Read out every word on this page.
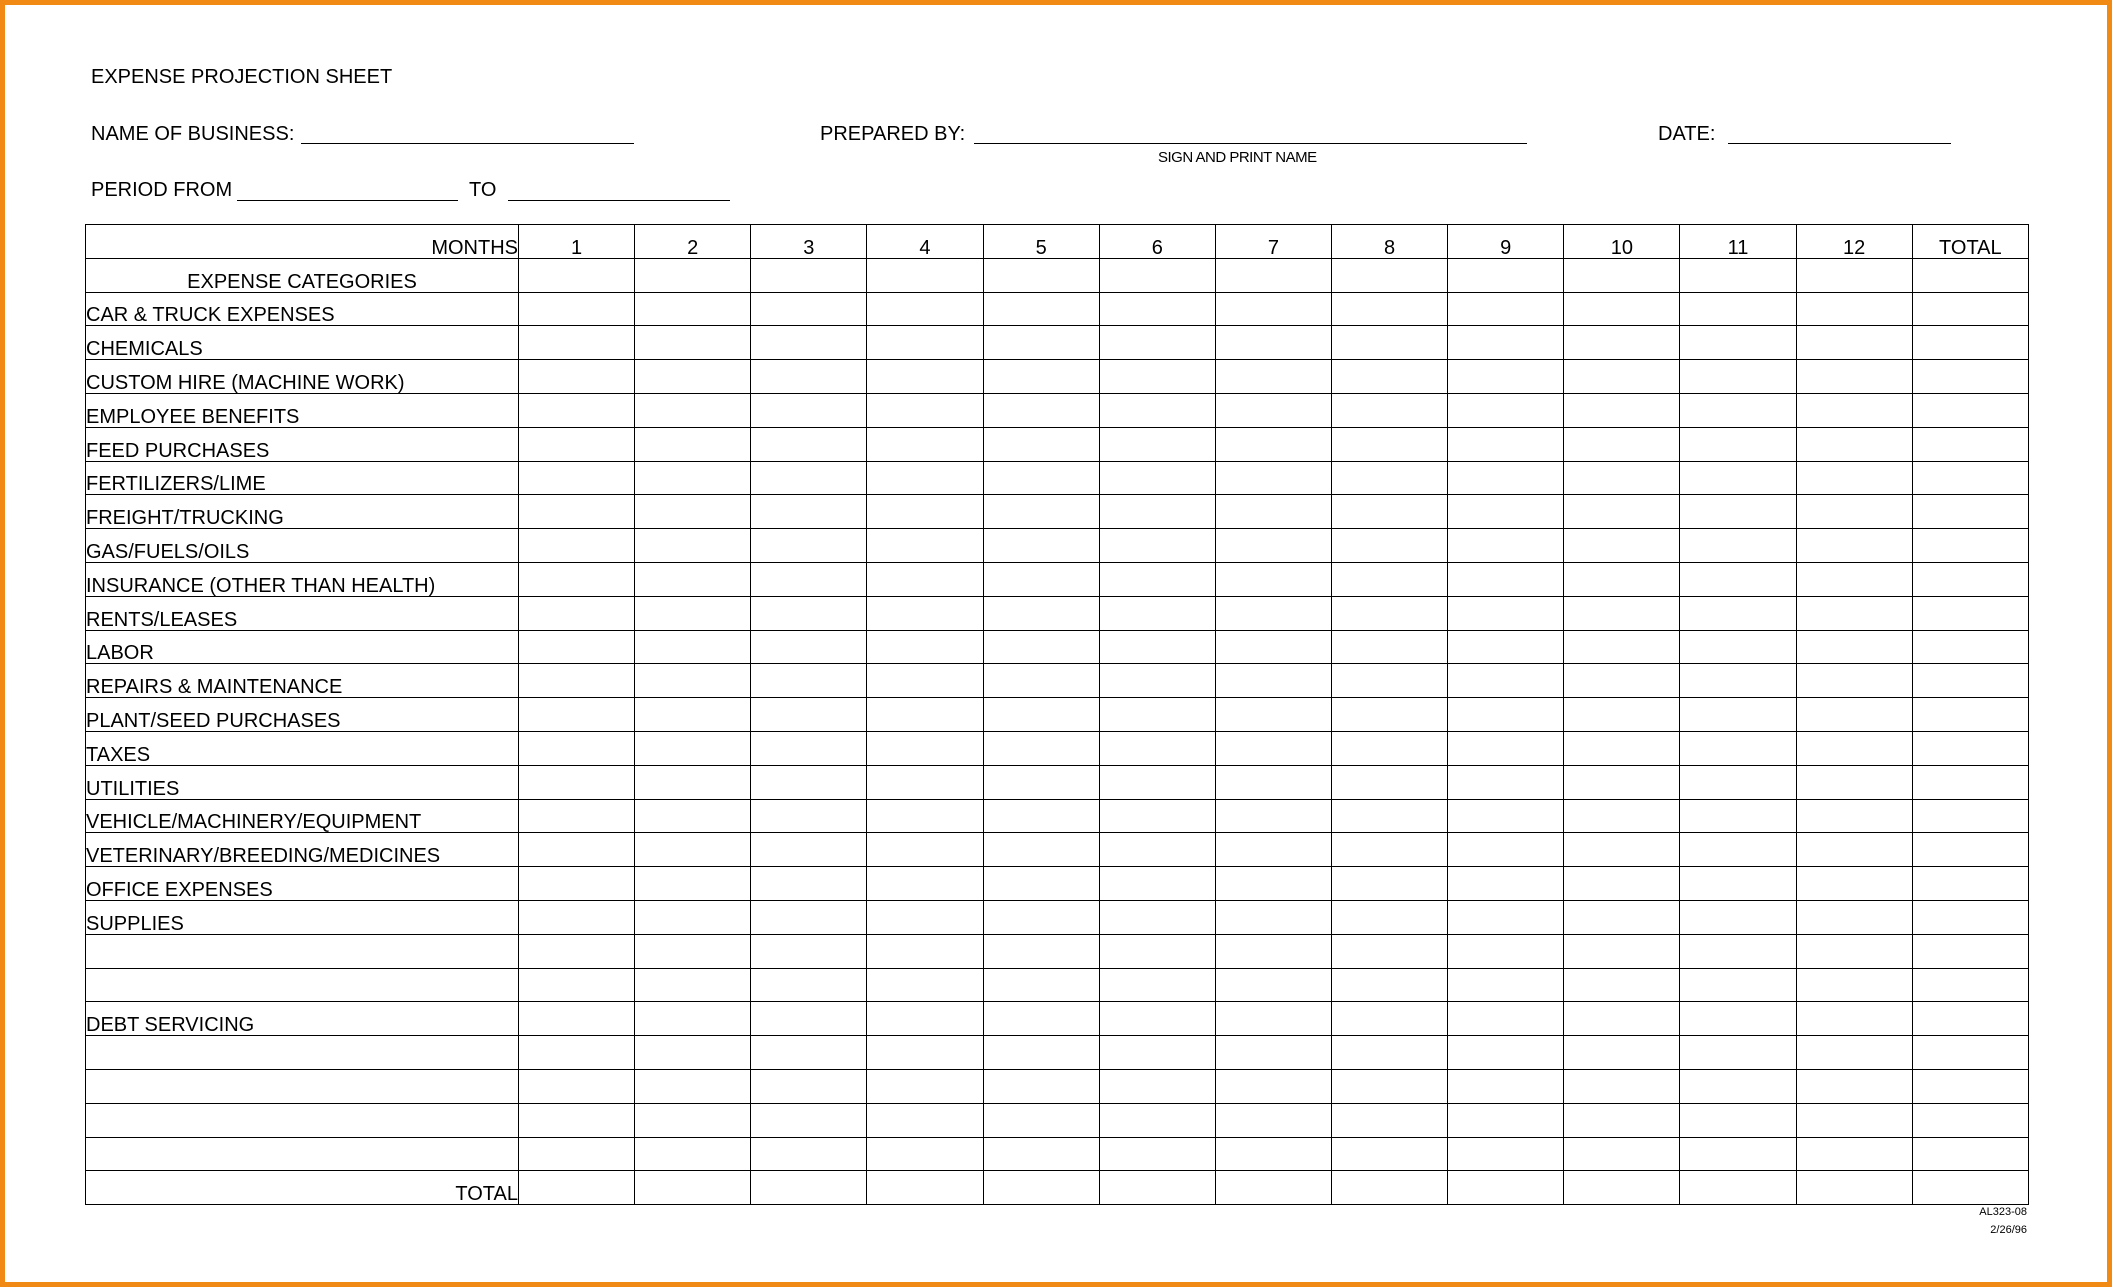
EXPENSE PROJECTION SHEET
NAME OF BUSINESS:	PREPARED BY:
SIGN AND PRINT NAME
DATE:
PERIOD FROM	TO
MONTHS	1	2	3	4	5	6	7	8	9	10	11	12	TOTAL
EXPENSE CATEGORIES													
CAR & TRUCK EXPENSES													
CHEMICALS													
CUSTOM HIRE (MACHINE WORK)													
EMPLOYEE BENEFITS													
FEED PURCHASES													
FERTILIZERS/LIME													
FREIGHT/TRUCKING													
GAS/FUELS/OILS													
INSURANCE (OTHER THAN HEALTH)													
RENTS/LEASES													
LABOR													
REPAIRS & MAINTENANCE													
PLANT/SEED PURCHASES													
TAXES													
UTILITIES													
VEHICLE/MACHINERY/EQUIPMENT													
VETERINARY/BREEDING/MEDICINES													
OFFICE EXPENSES													
SUPPLIES													

DEBT SERVICING													

TOTAL													
AL323-08
2/26/96
